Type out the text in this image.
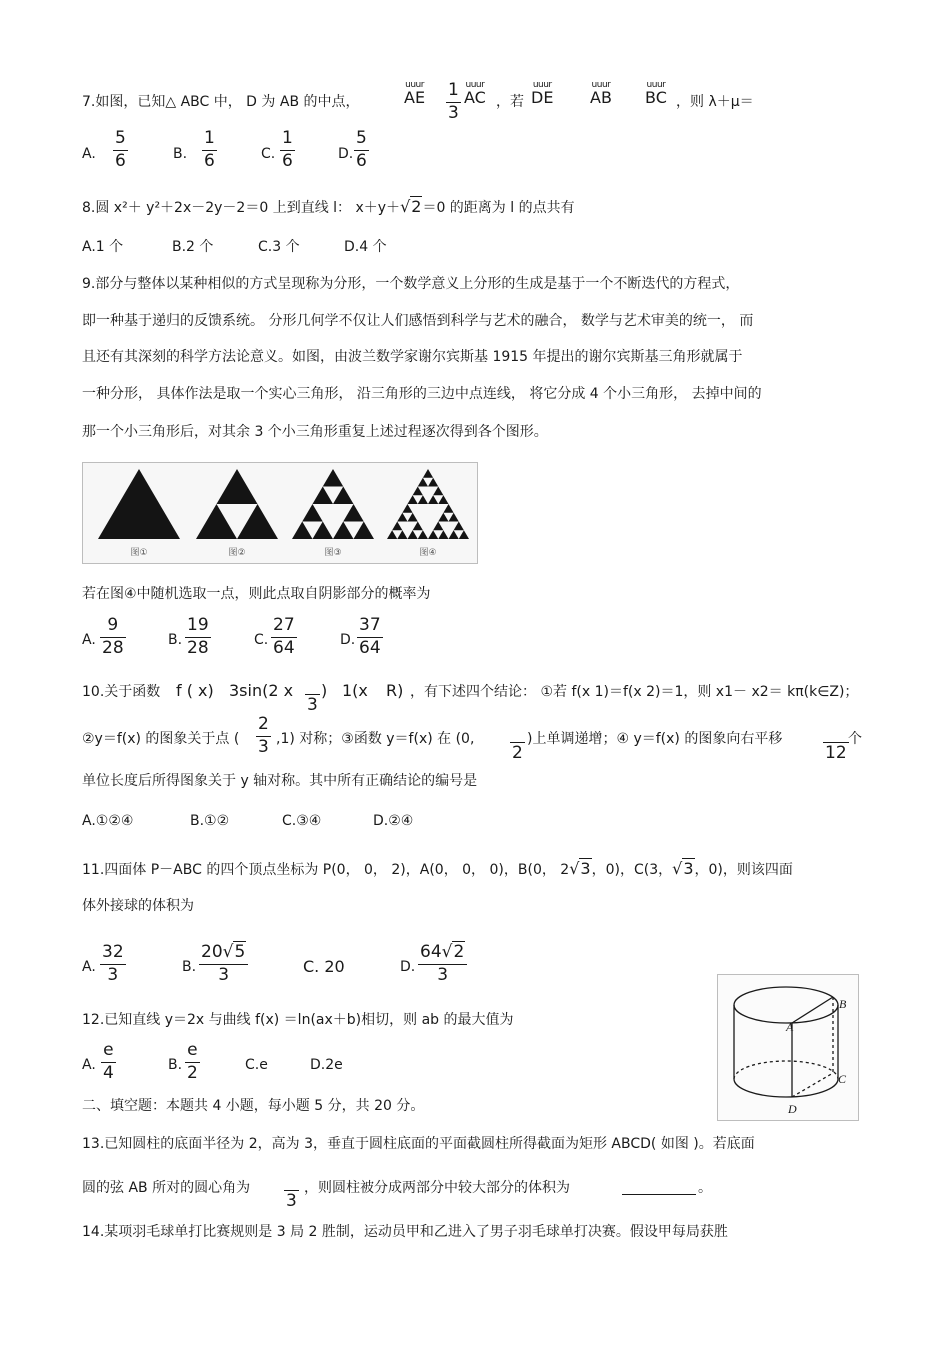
7.如图，已知△ ABC 中， D 为 AB 的中点，
uuur
AE 1
3
uuur
AC ，若
uuur
DE
uuur
AB
uuur
BC ，则 λ＋μ＝
A.
5
6	B.
1
6	C.
1
6	D.
5
6
8.圆 x²＋ y²＋2x－2y－2＝0 上到直线 l： x＋y＋√2＝0 的距离为 l 的点共有
A.1 个	B.2 个	C.3 个	D.4 个
9.部分与整体以某种相似的方式呈现称为分形，一个数学意义上分形的生成是基于一个不断迭代的方程式，
即一种基于递归的反馈系统。 分形几何学不仅让人们感悟到科学与艺术的融合， 数学与艺术审美的统一， 而
且还有其深刻的科学方法论意义。如图，由波兰数学家谢尔宾斯基 1915 年提出的谢尔宾斯基三角形就属于
一种分形， 具体作法是取一个实心三角形， 沿三角形的三边中点连线， 将它分成 4 个小三角形， 去掉中间的
那一个小三角形后，对其余 3 个小三角形重复上述过程逐次得到各个图形。
图①	图②	图③	图④
若在图④中随机选取一点，则此点取自阴影部分的概率为
A.
9
28	B.
19
28	C.
27
64	D.
37
64
10.关于函数 f ( x) 3sin(2 x

3
) 1(x R) ，有下述四个结论： ①若 f(x 1)＝f(x 2)＝1，则 x1－ x2＝ kπ(k∈Z)；
②y＝f(x) 的图象关于点 (
2
3 ,1) 对称；③函数 y＝f(x) 在 (0,

2
)上单调递增；④ y＝f(x) 的图象向右平移

12
个
单位长度后所得图象关于 y 轴对称。其中所有正确结论的编号是
A.①②④	B.①②	C.③④	D.②④
11.四面体 P－ABC 的四个顶点坐标为 P(0， 0， 2)，A(0， 0， 0)，B(0， 2√3，0)，C(3，√3，0)，则该四面
体外接球的体积为
A.
32
3	B.
20√5
3	C. 20	D.
64√2
3
A
B
C
D
12.已知直线 y＝2x 与曲线 f(x) ＝ln(ax＋b)相切，则 ab 的最大值为
A.
e
4	B.
e
2	C.e	D.2e
二、填空题：本题共 4 小题，每小题 5 分，共 20 分。
13.已知圆柱的底面半径为 2，高为 3，垂直于圆柱底面的平面截圆柱所得截面为矩形 ABCD( 如图 )。若底面
圆的弦 AB 所对的圆心角为

3
，则圆柱被分成两部分中较大部分的体积为	。
14.某项羽毛球单打比赛规则是 3 局 2 胜制，运动员甲和乙进入了男子羽毛球单打决赛。假设甲每局获胜
